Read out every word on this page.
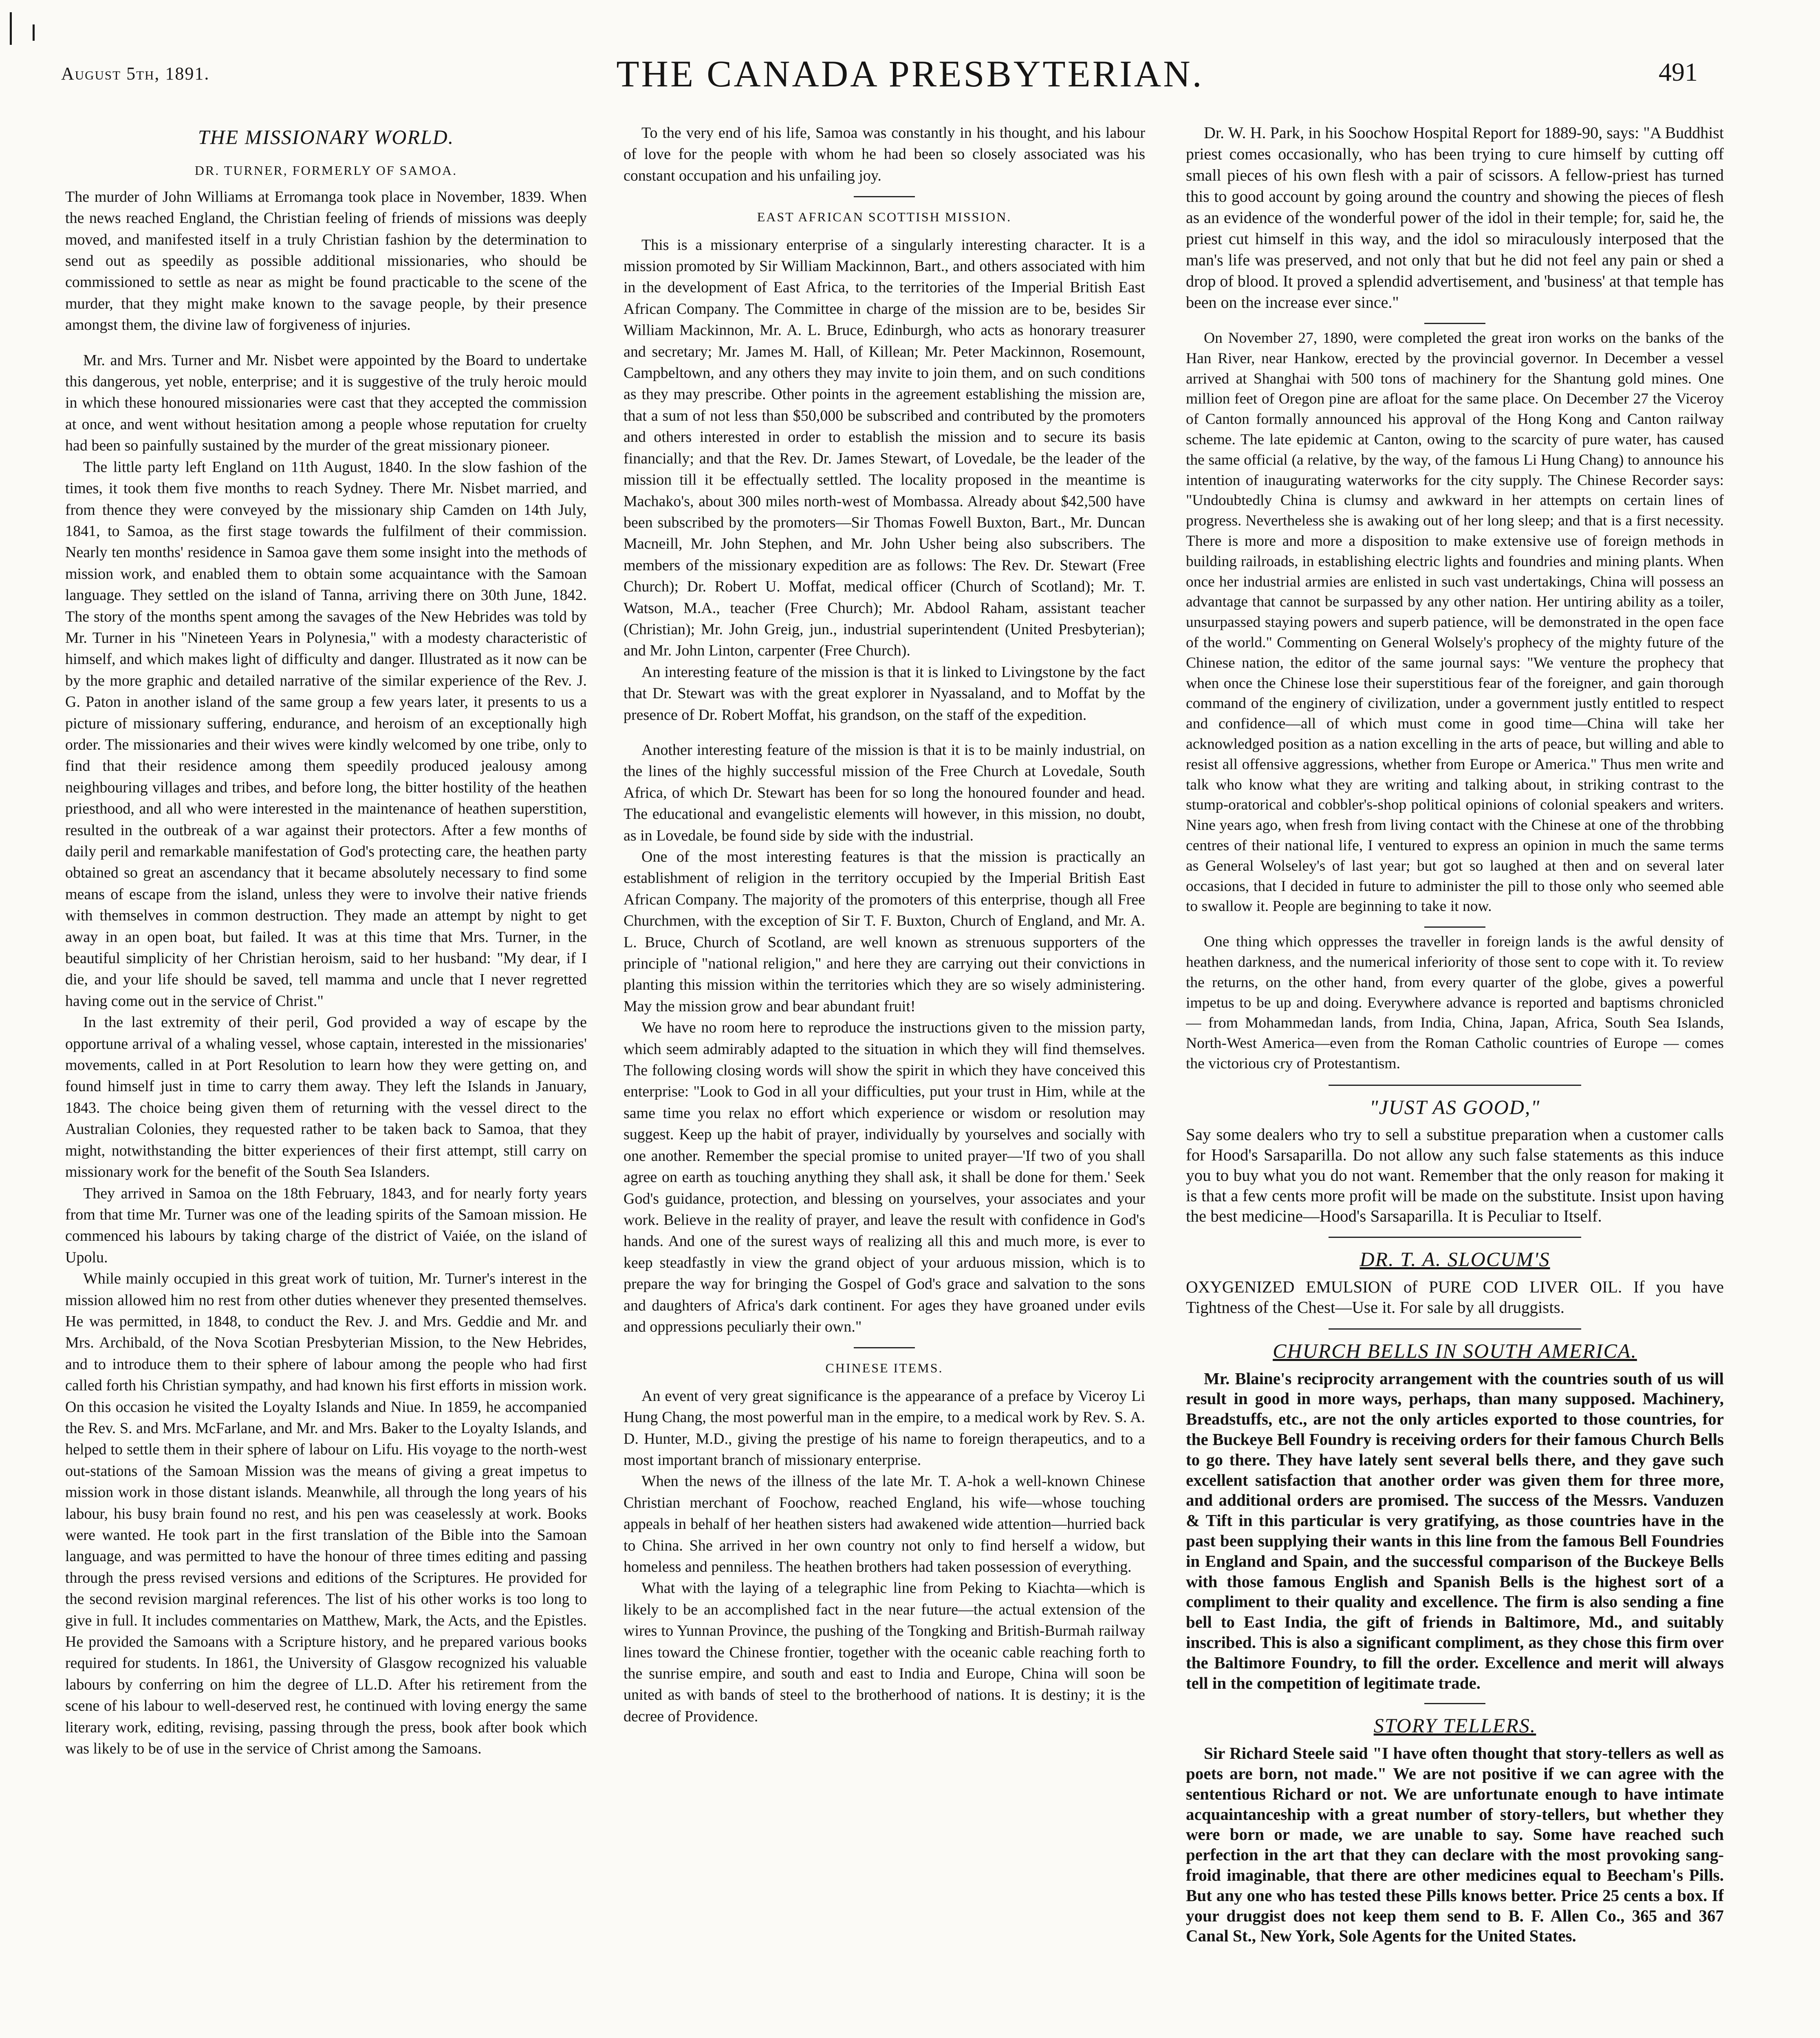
August 5th, 1891.	THE CANADA PRESBYTERIAN.	491
THE MISSIONARY WORLD.
DR. TURNER, FORMERLY OF SAMOA.

The murder of John Williams at Erromanga took place in November, 1839. When the news reached England, the Christian feeling of friends of missions was deeply moved, and manifested itself in a truly Christian fashion by the determination to send out as speedily as possible additional missionaries, who should be commissioned to settle as near as might be found practicable to the scene of the murder, that they might make known to the savage people, by their presence amongst them, the divine law of forgiveness of injuries.

Mr. and Mrs. Turner and Mr. Nisbet were appointed by the Board to undertake this dangerous, yet noble, enterprise; and it is suggestive of the truly heroic mould in which these honoured missionaries were cast that they accepted the commission at once, and went without hesitation among a people whose reputation for cruelty had been so painfully sustained by the murder of the great missionary pioneer.

The little party left England on 11th August, 1840. In the slow fashion of the times, it took them five months to reach Sydney. There Mr. Nisbet married, and from thence they were conveyed by the missionary ship Camden on 14th July, 1841, to Samoa, as the first stage towards the fulfilment of their commission. Nearly ten months' residence in Samoa gave them some insight into the methods of mission work, and enabled them to obtain some acquaintance with the Samoan language. They settled on the island of Tanna, arriving there on 30th June, 1842. The story of the months spent among the savages of the New Hebrides was told by Mr. Turner in his "Nineteen Years in Polynesia," with a modesty characteristic of himself, and which makes light of difficulty and danger. Illustrated as it now can be by the more graphic and detailed narrative of the similar experience of the Rev. J. G. Paton in another island of the same group a few years later, it presents to us a picture of missionary suffering, endurance, and heroism of an exceptionally high order. The missionaries and their wives were kindly welcomed by one tribe, only to find that their residence among them speedily produced jealousy among neighbouring villages and tribes, and before long, the bitter hostility of the heathen priesthood, and all who were interested in the maintenance of heathen superstition, resulted in the outbreak of a war against their protectors. After a few months of daily peril and remarkable manifestation of God's protecting care, the heathen party obtained so great an ascendancy that it became absolutely necessary to find some means of escape from the island, unless they were to involve their native friends with themselves in common destruction. They made an attempt by night to get away in an open boat, but failed. It was at this time that Mrs. Turner, in the beautiful simplicity of her Christian heroism, said to her husband: "My dear, if I die, and your life should be saved, tell mamma and uncle that I never regretted having come out in the service of Christ."

In the last extremity of their peril, God provided a way of escape by the opportune arrival of a whaling vessel, whose captain, interested in the missionaries' movements, called in at Port Resolution to learn how they were getting on, and found himself just in time to carry them away. They left the Islands in January, 1843. The choice being given them of returning with the vessel direct to the Australian Colonies, they requested rather to be taken back to Samoa, that they might, notwithstanding the bitter experiences of their first attempt, still carry on missionary work for the benefit of the South Sea Islanders.

They arrived in Samoa on the 18th February, 1843, and for nearly forty years from that time Mr. Turner was one of the leading spirits of the Samoan mission. He commenced his labours by taking charge of the district of Vaiée, on the island of Upolu.

While mainly occupied in this great work of tuition, Mr. Turner's interest in the mission allowed him no rest from other duties whenever they presented themselves. He was permitted, in 1848, to conduct the Rev. J. and Mrs. Geddie and Mr. and Mrs. Archibald, of the Nova Scotian Presbyterian Mission, to the New Hebrides, and to introduce them to their sphere of labour among the people who had first called forth his Christian sympathy, and had known his first efforts in mission work. On this occasion he visited the Loyalty Islands and Niue. In 1859, he accompanied the Rev. S. and Mrs. McFarlane, and Mr. and Mrs. Baker to the Loyalty Islands, and helped to settle them in their sphere of labour on Lifu. His voyage to the north-west out-stations of the Samoan Mission was the means of giving a great impetus to mission work in those distant islands. Meanwhile, all through the long years of his labour, his busy brain found no rest, and his pen was ceaselessly at work. Books were wanted. He took part in the first translation of the Bible into the Samoan language, and was permitted to have the honour of three times editing and passing through the press revised versions and editions of the Scriptures. He provided for the second revision marginal references. The list of his other works is too long to give in full. It includes commentaries on Matthew, Mark, the Acts, and the Epistles. He provided the Samoans with a Scripture history, and he prepared various books required for students. In 1861, the University of Glasgow recognized his valuable labours by conferring on him the degree of LL.D. After his retirement from the scene of his labour to well-deserved rest, he continued with loving energy the same literary work, editing, revising, passing through the press, book after book which was likely to be of use in the service of Christ among the Samoans.

To the very end of his life, Samoa was constantly in his thought, and his labour of love for the people with whom he had been so closely associated was his constant occupation and his unfailing joy.

EAST AFRICAN SCOTTISH MISSION.

This is a missionary enterprise of a singularly interesting character. It is a mission promoted by Sir William Mackinnon, Bart., and others associated with him in the development of East Africa, to the territories of the Imperial British East African Company. The Committee in charge of the mission are to be, besides Sir William Mackinnon, Mr. A. L. Bruce, Edinburgh, who acts as honorary treasurer and secretary; Mr. James M. Hall, of Killean; Mr. Peter Mackinnon, Rosemount, Campbeltown, and any others they may invite to join them, and on such conditions as they may prescribe. Other points in the agreement establishing the mission are, that a sum of not less than $50,000 be subscribed and contributed by the promoters and others interested in order to establish the mission and to secure its basis financially; and that the Rev. Dr. James Stewart, of Lovedale, be the leader of the mission till it be effectually settled. The locality proposed in the meantime is Machako's, about 300 miles north-west of Mombassa. Already about $42,500 have been subscribed by the promoters—Sir Thomas Fowell Buxton, Bart., Mr. Duncan Macneill, Mr. John Stephen, and Mr. John Usher being also subscribers. The members of the missionary expedition are as follows: The Rev. Dr. Stewart (Free Church); Dr. Robert U. Moffat, medical officer (Church of Scotland); Mr. T. Watson, M.A., teacher (Free Church); Mr. Abdool Raham, assistant teacher (Christian); Mr. John Greig, jun., industrial superintendent (United Presbyterian); and Mr. John Linton, carpenter (Free Church).

An interesting feature of the mission is that it is linked to Livingstone by the fact that Dr. Stewart was with the great explorer in Nyassaland, and to Moffat by the presence of Dr. Robert Moffat, his grandson, on the staff of the expedition.

Another interesting feature of the mission is that it is to be mainly industrial, on the lines of the highly successful mission of the Free Church at Lovedale, South Africa, of which Dr. Stewart has been for so long the honoured founder and head. The educational and evangelistic elements will however, in this mission, no doubt, as in Lovedale, be found side by side with the industrial.

One of the most interesting features is that the mission is practically an establishment of religion in the territory occupied by the Imperial British East African Company. The majority of the promoters of this enterprise, though all Free Churchmen, with the exception of Sir T. F. Buxton, Church of England, and Mr. A. L. Bruce, Church of Scotland, are well known as strenuous supporters of the principle of "national religion," and here they are carrying out their convictions in planting this mission within the territories which they are so wisely administering. May the mission grow and bear abundant fruit!

We have no room here to reproduce the instructions given to the mission party, which seem admirably adapted to the situation in which they will find themselves. The following closing words will show the spirit in which they have conceived this enterprise: "Look to God in all your difficulties, put your trust in Him, while at the same time you relax no effort which experience or wisdom or resolution may suggest. Keep up the habit of prayer, individually by yourselves and socially with one another. Remember the special promise to united prayer—'If two of you shall agree on earth as touching anything they shall ask, it shall be done for them.' Seek God's guidance, protection, and blessing on yourselves, your associates and your work. Believe in the reality of prayer, and leave the result with confidence in God's hands. And one of the surest ways of realizing all this and much more, is ever to keep steadfastly in view the grand object of your arduous mission, which is to prepare the way for bringing the Gospel of God's grace and salvation to the sons and daughters of Africa's dark continent. For ages they have groaned under evils and oppressions peculiarly their own."

CHINESE ITEMS.

An event of very great significance is the appearance of a preface by Viceroy Li Hung Chang, the most powerful man in the empire, to a medical work by Rev. S. A. D. Hunter, M.D., giving the prestige of his name to foreign therapeutics, and to a most important branch of missionary enterprise.

When the news of the illness of the late Mr. T. A-hok a well-known Chinese Christian merchant of Foochow, reached England, his wife—whose touching appeals in behalf of her heathen sisters had awakened wide attention—hurried back to China. She arrived in her own country not only to find herself a widow, but homeless and penniless. The heathen brothers had taken possession of everything.

What with the laying of a telegraphic line from Peking to Kiachta—which is likely to be an accomplished fact in the near future—the actual extension of the wires to Yunnan Province, the pushing of the Tongking and British-Burmah railway lines toward the Chinese frontier, together with the oceanic cable reaching forth to the sunrise empire, and south and east to India and Europe, China will soon be united as with bands of steel to the brotherhood of nations. It is destiny; it is the decree of Providence.

Dr. W. H. Park, in his Soochow Hospital Report for 1889-90, says: "A Buddhist priest comes occasionally, who has been trying to cure himself by cutting off small pieces of his own flesh with a pair of scissors. A fellow-priest has turned this to good account by going around the country and showing the pieces of flesh as an evidence of the wonderful power of the idol in their temple; for, said he, the priest cut himself in this way, and the idol so miraculously interposed that the man's life was preserved, and not only that but he did not feel any pain or shed a drop of blood. It proved a splendid advertisement, and 'business' at that temple has been on the increase ever since."

On November 27, 1890, were completed the great iron works on the banks of the Han River, near Hankow, erected by the provincial governor. In December a vessel arrived at Shanghai with 500 tons of machinery for the Shantung gold mines. One million feet of Oregon pine are afloat for the same place. On December 27 the Viceroy of Canton formally announced his approval of the Hong Kong and Canton railway scheme. The late epidemic at Canton, owing to the scarcity of pure water, has caused the same official (a relative, by the way, of the famous Li Hung Chang) to announce his intention of inaugurating waterworks for the city supply. The Chinese Recorder says: "Undoubtedly China is clumsy and awkward in her attempts on certain lines of progress. Nevertheless she is awaking out of her long sleep; and that is a first necessity. There is more and more a disposition to make extensive use of foreign methods in building railroads, in establishing electric lights and foundries and mining plants. When once her industrial armies are enlisted in such vast undertakings, China will possess an advantage that cannot be surpassed by any other nation. Her untiring ability as a toiler, unsurpassed staying powers and superb patience, will be demonstrated in the open face of the world." Commenting on General Wolsely's prophecy of the mighty future of the Chinese nation, the editor of the same journal says: "We venture the prophecy that when once the Chinese lose their superstitious fear of the foreigner, and gain thorough command of the enginery of civilization, under a government justly entitled to respect and confidence—all of which must come in good time—China will take her acknowledged position as a nation excelling in the arts of peace, but willing and able to resist all offensive aggressions, whether from Europe or America." Thus men write and talk who know what they are writing and talking about, in striking contrast to the stump-oratorical and cobbler's-shop political opinions of colonial speakers and writers. Nine years ago, when fresh from living contact with the Chinese at one of the throbbing centres of their national life, I ventured to express an opinion in much the same terms as General Wolseley's of last year; but got so laughed at then and on several later occasions, that I decided in future to administer the pill to those only who seemed able to swallow it. People are beginning to take it now.

One thing which oppresses the traveller in foreign lands is the awful density of heathen darkness, and the numerical inferiority of those sent to cope with it. To review the returns, on the other hand, from every quarter of the globe, gives a powerful impetus to be up and doing. Everywhere advance is reported and baptisms chronicled — from Mohammedan lands, from India, China, Japan, Africa, South Sea Islands, North-West America—even from the Roman Catholic countries of Europe — comes the victorious cry of Protestantism.

"JUST AS GOOD,"

Say some dealers who try to sell a substitue preparation when a customer calls for Hood's Sarsaparilla. Do not allow any such false statements as this induce you to buy what you do not want. Remember that the only reason for making it is that a few cents more profit will be made on the substitute. Insist upon having the best medicine—Hood's Sarsaparilla. It is Peculiar to Itself.

DR. T. A. SLOCUM'S

OXYGENIZED EMULSION of PURE COD LIVER OIL. If you have Tightness of the Chest—Use it. For sale by all druggists.

CHURCH BELLS IN SOUTH AMERICA.

Mr. Blaine's reciprocity arrangement with the countries south of us will result in good in more ways, perhaps, than many supposed. Machinery, Breadstuffs, etc., are not the only articles exported to those countries, for the Buckeye Bell Foundry is receiving orders for their famous Church Bells to go there. They have lately sent several bells there, and they gave such excellent satisfaction that another order was given them for three more, and additional orders are promised. The success of the Messrs. Vanduzen & Tift in this particular is very gratifying, as those countries have in the past been supplying their wants in this line from the famous Bell Foundries in England and Spain, and the successful comparison of the Buckeye Bells with those famous English and Spanish Bells is the highest sort of a compliment to their quality and excellence. The firm is also sending a fine bell to East India, the gift of friends in Baltimore, Md., and suitably inscribed. This is also a significant compliment, as they chose this firm over the Baltimore Foundry, to fill the order. Excellence and merit will always tell in the competition of legitimate trade.

STORY TELLERS.

Sir Richard Steele said "I have often thought that story-tellers as well as poets are born, not made." We are not positive if we can agree with the sententious Richard or not. We are unfortunate enough to have intimate acquaintanceship with a great number of story-tellers, but whether they were born or made, we are unable to say. Some have reached such perfection in the art that they can declare with the most provoking sang-froid imaginable, that there are other medicines equal to Beecham's Pills. But any one who has tested these Pills knows better. Price 25 cents a box. If your druggist does not keep them send to B. F. Allen Co., 365 and 367 Canal St., New York, Sole Agents for the United States.
